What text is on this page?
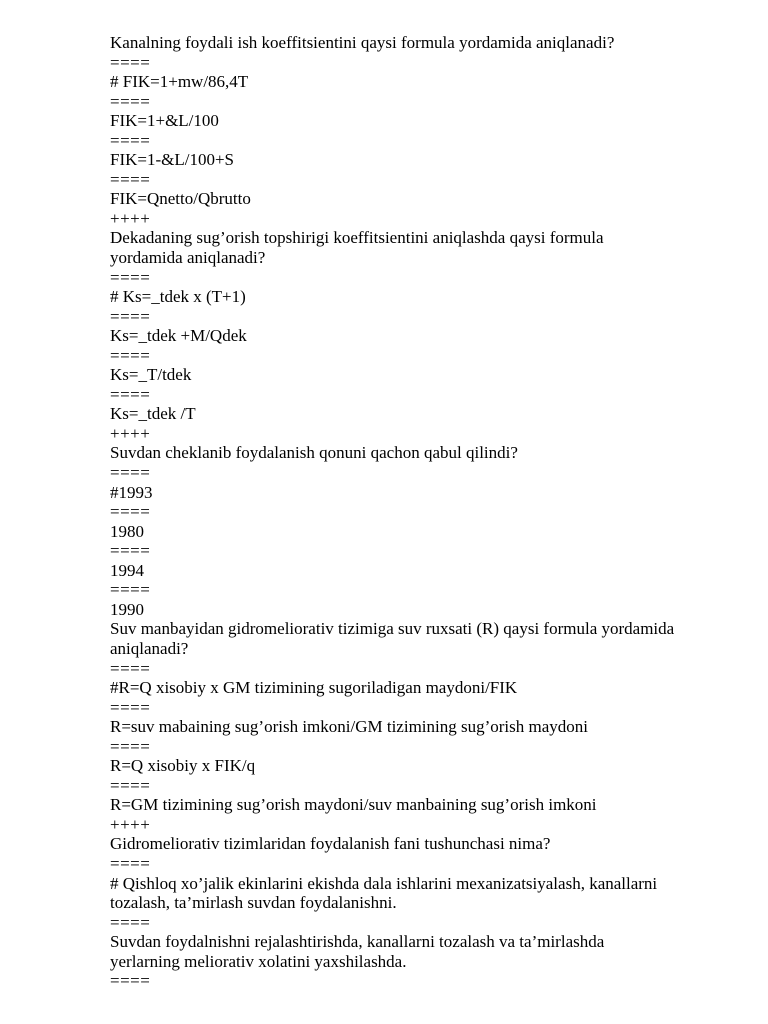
Kanalning foydali ish koeffitsientini qaysi formula yordamida aniqlanadi?
====
# FIK=1+mw/86,4T
====
FIK=1+&L/100
====
FIK=1-&L/100+S
====
FIK=Qnetto/Qbrutto
++++
Dekadaning sug’orish topshirigi koeffitsientini aniqlashda qaysi formula
yordamida aniqlanadi?
====
# Ks=_tdek x (T+1)
====
Ks=_tdek +M/Qdek
====
Ks=_T/tdek
====
Ks=_tdek /T
++++
Suvdan cheklanib foydalanish qonuni qachon qabul qilindi?
====
#1993
====
1980
====
1994
====
1990
Suv manbayidan gidromeliorativ tizimiga suv ruxsati (R) qaysi formula yordamida
aniqlanadi?
====
#R=Q xisobiy x GM tizimining sugoriladigan maydoni/FIK
====
R=suv mabaining sug’orish imkoni/GM tizimining sug’orish maydoni
====
R=Q xisobiy x FIK/q
====
R=GM tizimining sug’orish maydoni/suv manbaining sug’orish imkoni
++++
Gidromeliorativ tizimlaridan foydalanish fani tushunchasi nima?
====
# Qishloq xo’jalik ekinlarini ekishda dala ishlarini mexanizatsiyalash, kanallarni
tozalash, ta’mirlash suvdan foydalanishni.
====
Suvdan foydalnishni rejalashtirishda, kanallarni tozalash va ta’mirlashda
yerlarning meliorativ xolatini yaxshilashda.
====
